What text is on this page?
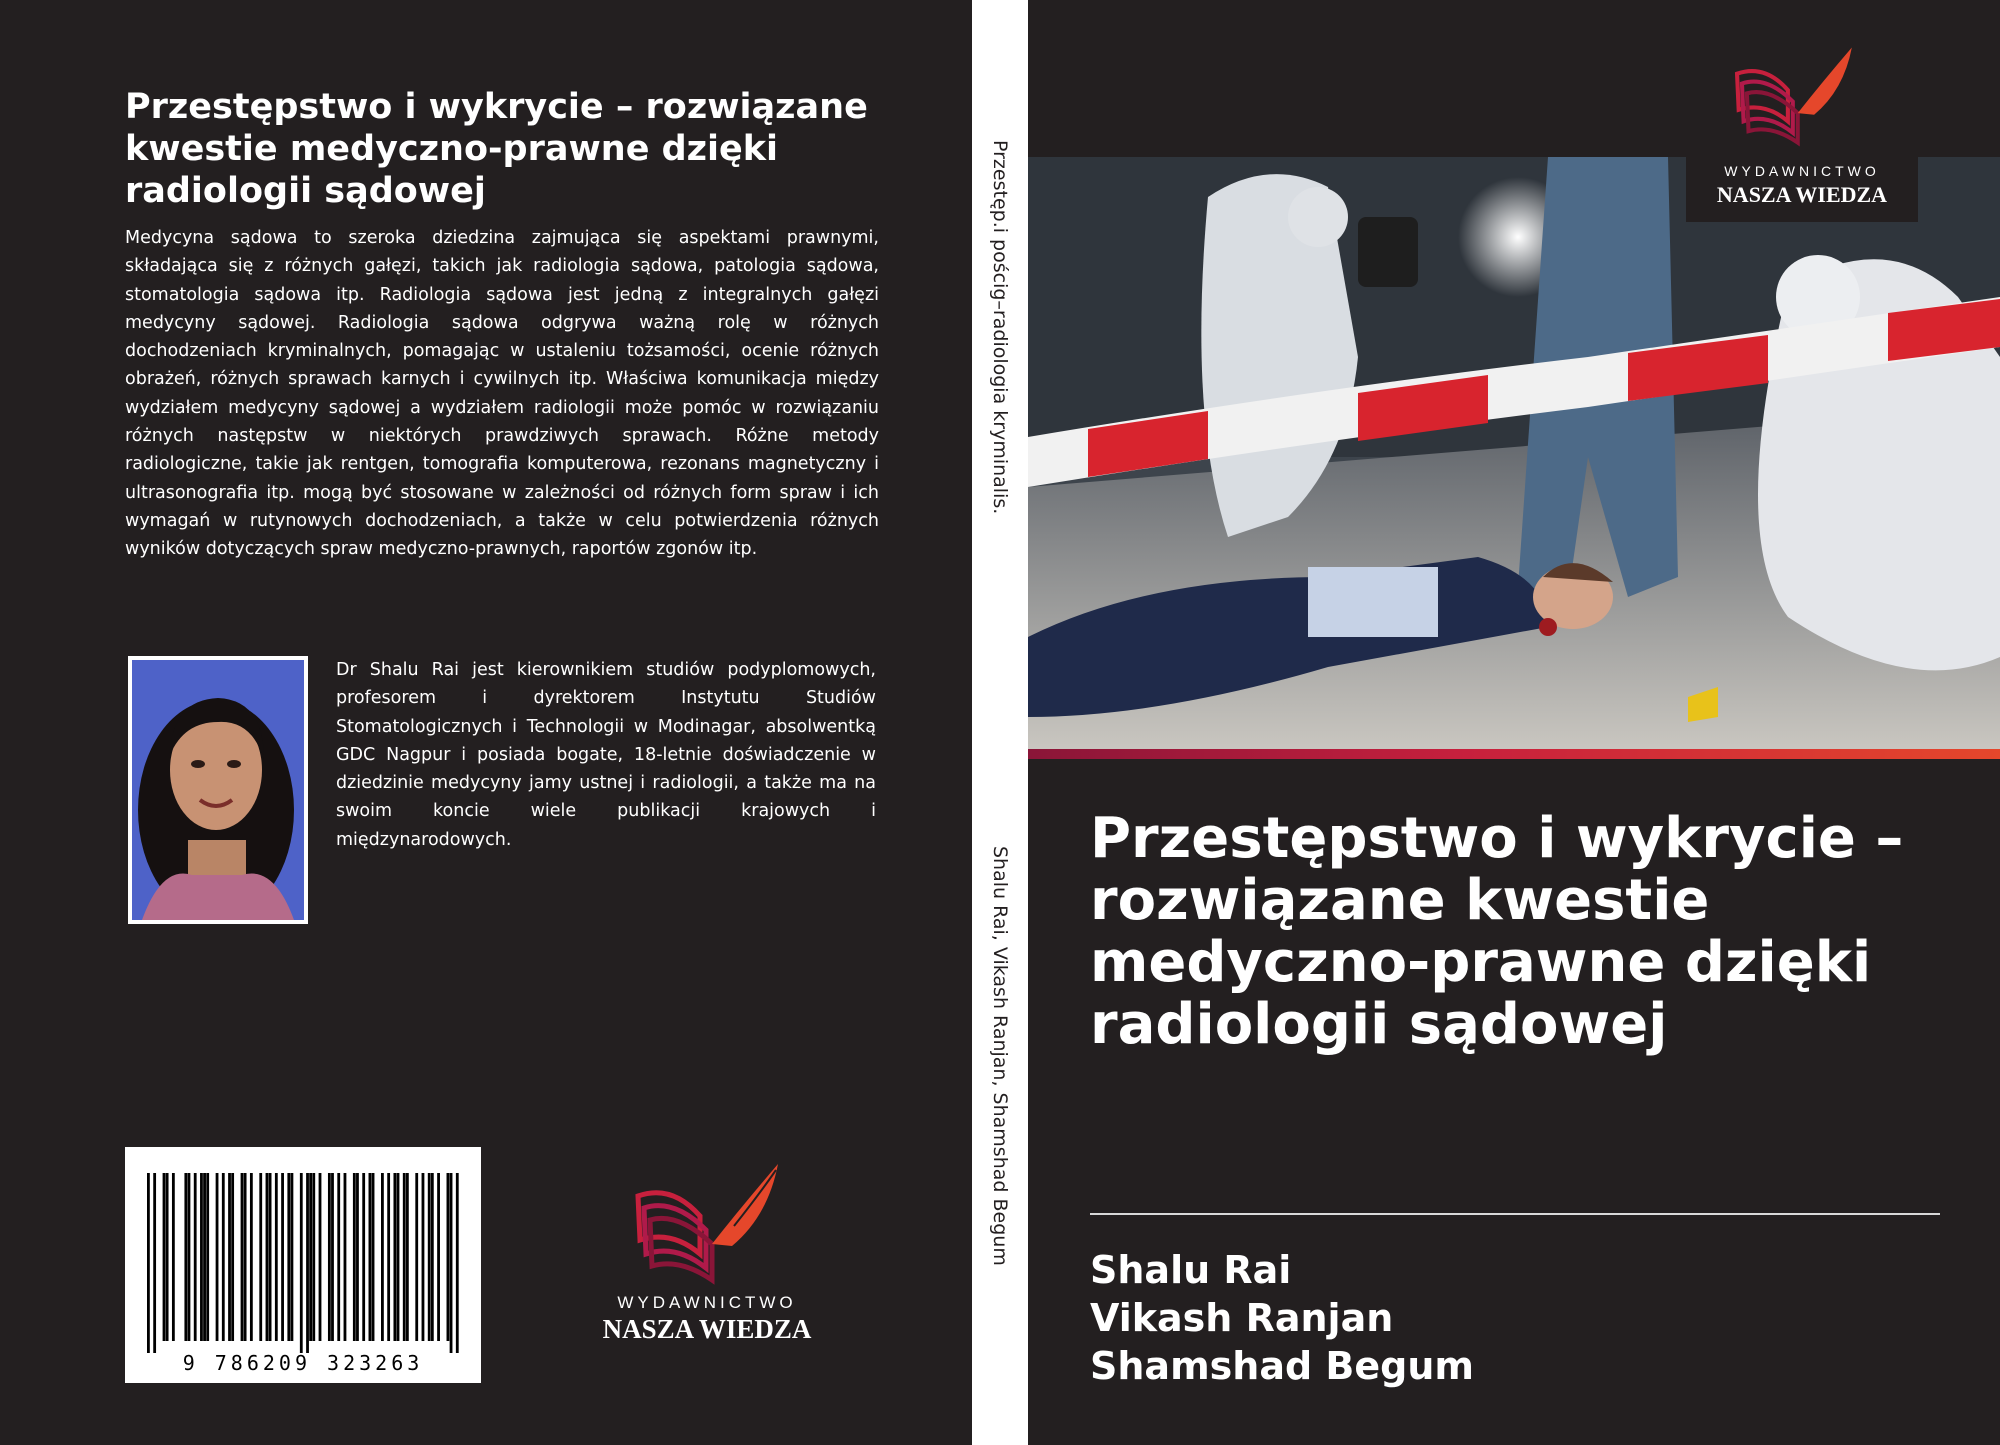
Przestępstwo i wykrycie – rozwiązane kwestie medyczno-prawne dzięki radiologii sądowej

Medycyna sądowa to szeroka dziedzina zajmująca się aspektami prawnymi, składająca się z różnych gałęzi, takich jak radiologia sądowa, patologia sądowa, stomatologia sądowa itp. Radiologia sądowa jest jedną z integralnych gałęzi medycyny sądowej. Radiologia sądowa odgrywa ważną rolę w różnych dochodzeniach kryminalnych, pomagając w ustaleniu tożsamości, ocenie różnych obrażeń, różnych sprawach karnych i cywilnych itp. Właściwa komunikacja między wydziałem medycyny sądowej a wydziałem radiologii może pomóc w rozwiązaniu różnych następstw w niektórych prawdziwych sprawach. Różne metody radiologiczne, takie jak rentgen, tomografia komputerowa, rezonans magnetyczny i ultrasonografia itp. mogą być stosowane w zależności od różnych form spraw i ich wymagań w rutynowych dochodzeniach, a także w celu potwierdzenia różnych wyników dotyczących spraw medyczno-prawnych, raportów zgonów itp.

Dr Shalu Rai jest kierownikiem studiów podyplomowych, profesorem i dyrektorem Instytutu Studiów Stomatologicznych i Technologii w Modinagar, absolwentką GDC Nagpur i posiada bogate, 18-letnie doświadczenie w dziedzinie medycyny jamy ustnej i radiologii, a także ma na swoim koncie wiele publikacji krajowych i międzynarodowych.

9 786209 323263
WYDAWNICTWO
NASZA WIEDZA
Przestęp.i pościg–radiologia kryminalis.
Shalu Rai, Vikash Ranjan, Shamshad Begum
WYDAWNICTWO
NASZA WIEDZA
Przestępstwo i wykrycie – rozwiązane kwestie medyczno-prawne dzięki radiologii sądowej
Shalu Rai
Vikash Ranjan
Shamshad Begum
